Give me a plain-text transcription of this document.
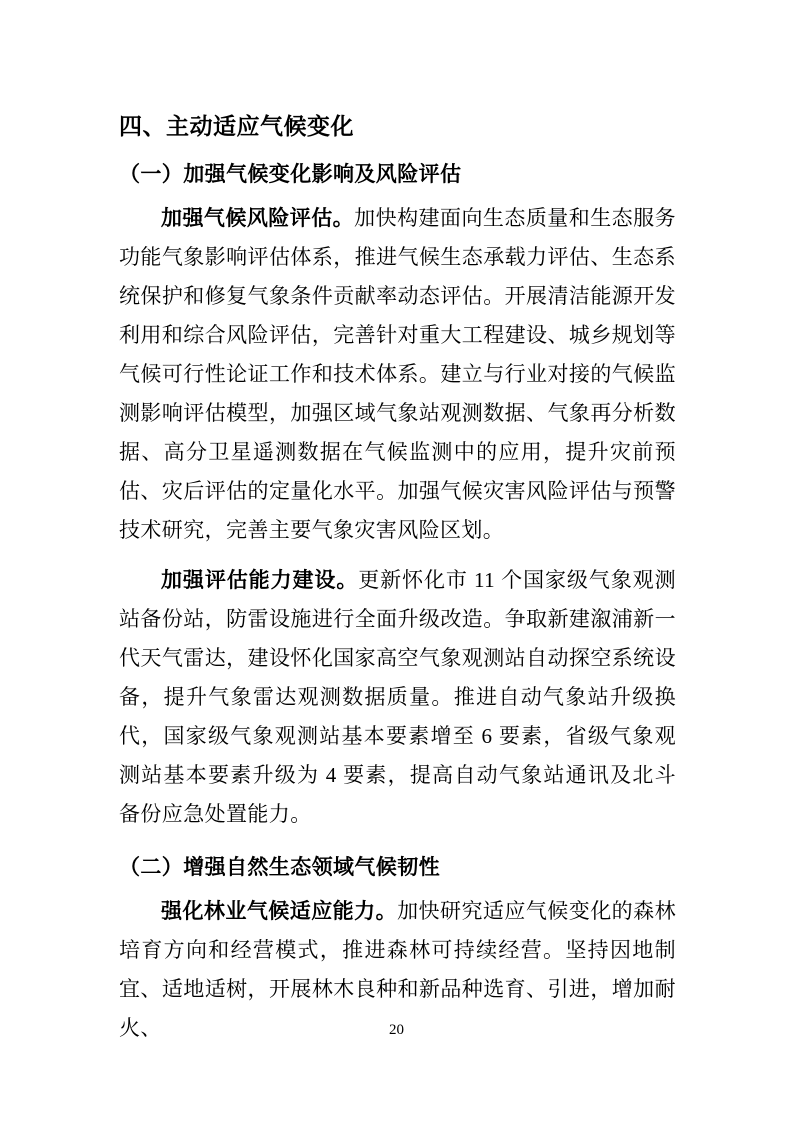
四、主动适应气候变化
（一）加强气候变化影响及风险评估

加强气候风险评估。加快构建面向生态质量和生态服务功能气象影响评估体系，推进气候生态承载力评估、生态系统保护和修复气象条件贡献率动态评估。开展清洁能源开发利用和综合风险评估，完善针对重大工程建设、城乡规划等气候可行性论证工作和技术体系。建立与行业对接的气候监测影响评估模型，加强区域气象站观测数据、气象再分析数据、高分卫星遥测数据在气候监测中的应用，提升灾前预估、灾后评估的定量化水平。加强气候灾害风险评估与预警技术研究，完善主要气象灾害风险区划。

加强评估能力建设。更新怀化市 11 个国家级气象观测站备份站，防雷设施进行全面升级改造。争取新建溆浦新一代天气雷达，建设怀化国家高空气象观测站自动探空系统设备，提升气象雷达观测数据质量。推进自动气象站升级换代，国家级气象观测站基本要素增至 6 要素，省级气象观测站基本要素升级为 4 要素，提高自动气象站通讯及北斗备份应急处置能力。

（二）增强自然生态领域气候韧性

强化林业气候适应能力。加快研究适应气候变化的森林培育方向和经营模式，推进森林可持续经营。坚持因地制宜、适地适树，开展林木良种和新品种选育、引进，增加耐火、	20
